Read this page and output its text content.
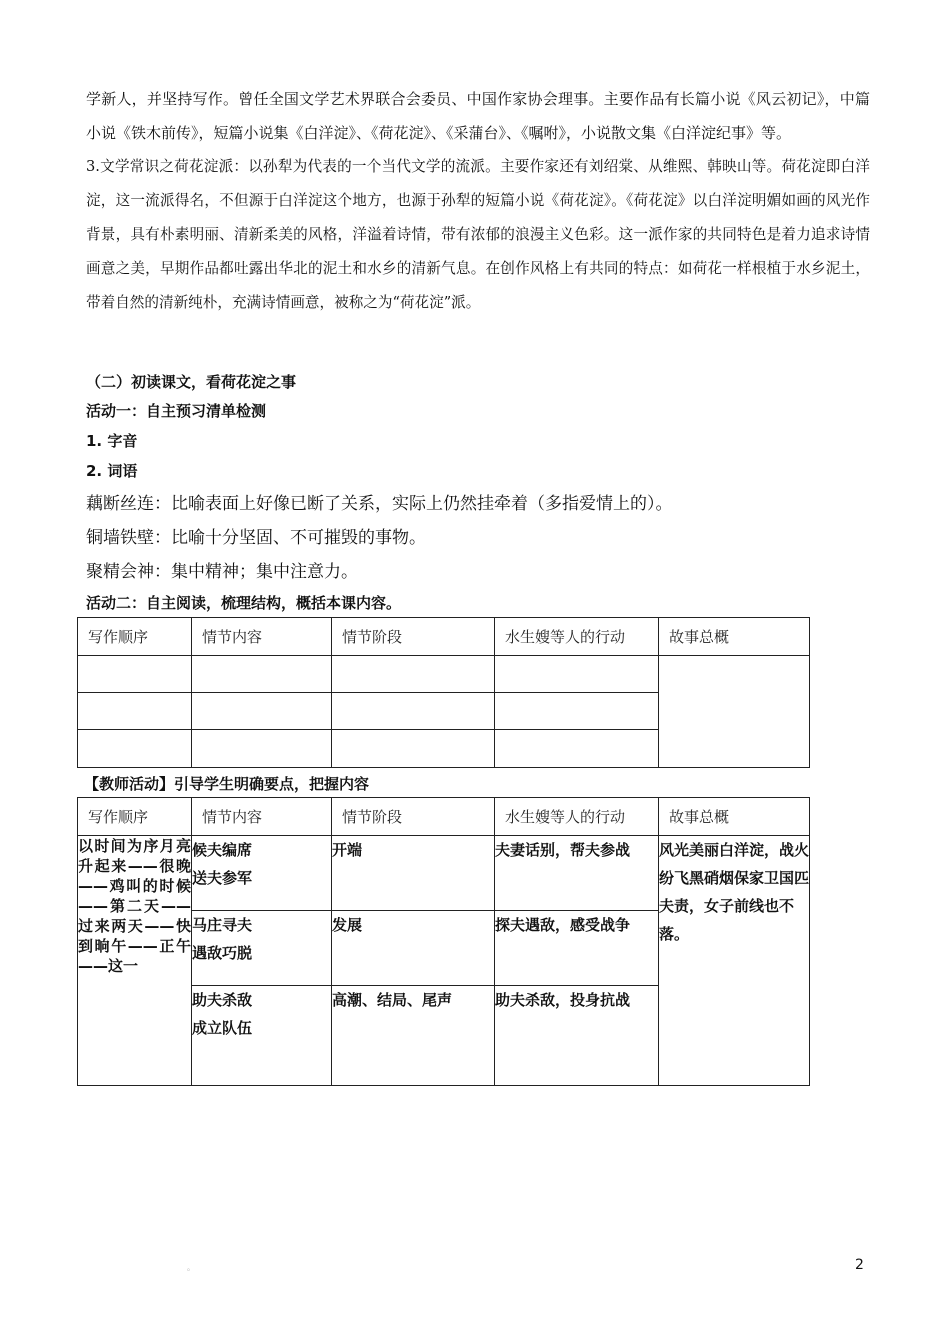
学新人，并坚持写作。曾任全国文学艺术界联合会委员、中国作家协会理事。主要作品有长篇小说《风云初记》，中篇小说《铁木前传》，短篇小说集《白洋淀》、《荷花淀》、《采蒲台》、《嘱咐》，小说散文集《白洋淀纪事》等。

3.文学常识之荷花淀派：以孙犁为代表的一个当代文学的流派。主要作家还有刘绍棠、从维熙、韩映山等。荷花淀即白洋淀，这一流派得名，不但源于白洋淀这个地方，也源于孙犁的短篇小说《荷花淀》。《荷花淀》以白洋淀明媚如画的风光作背景，具有朴素明丽、清新柔美的风格，洋溢着诗情，带有浓郁的浪漫主义色彩。这一派作家的共同特色是着力追求诗情画意之美，早期作品都吐露出华北的泥土和水乡的清新气息。在创作风格上有共同的特点：如荷花一样根植于水乡泥土，带着自然的清新纯朴，充满诗情画意，被称之为“荷花淀”派。

（二）初读课文，看荷花淀之事
活动一：自主预习清单检测
1. 字音
2. 词语
藕断丝连：比喻表面上好像已断了关系，实际上仍然挂牵着（多指爱情上的）。
铜墙铁壁：比喻十分坚固、不可摧毁的事物。
聚精会神：集中精神；集中注意力。
活动二：自主阅读，梳理结构，概括本课内容。
写作顺序	情节内容	情节阶段	水生嫂等人的行动	故事总概

【教师活动】引导学生明确要点，把握内容
写作顺序	情节内容	情节阶段	水生嫂等人的行动	故事总概
以时间为序月亮升起来——很晚——鸡叫的时候——第二天——过来两天——快到晌午——正午——这一	候夫编席
送夫参军	开端	夫妻话别，帮夫参战	风光美丽白洋淀，战火纷飞黑硝烟保家卫国匹夫责，女子前线也不落。

	马庄寻夫
遇敌巧脱	发展	探夫遇敌，感受战争	

	助夫杀敌
成立队伍	高潮、结局、尾声	助夫杀敌，投身抗战	
。	2
